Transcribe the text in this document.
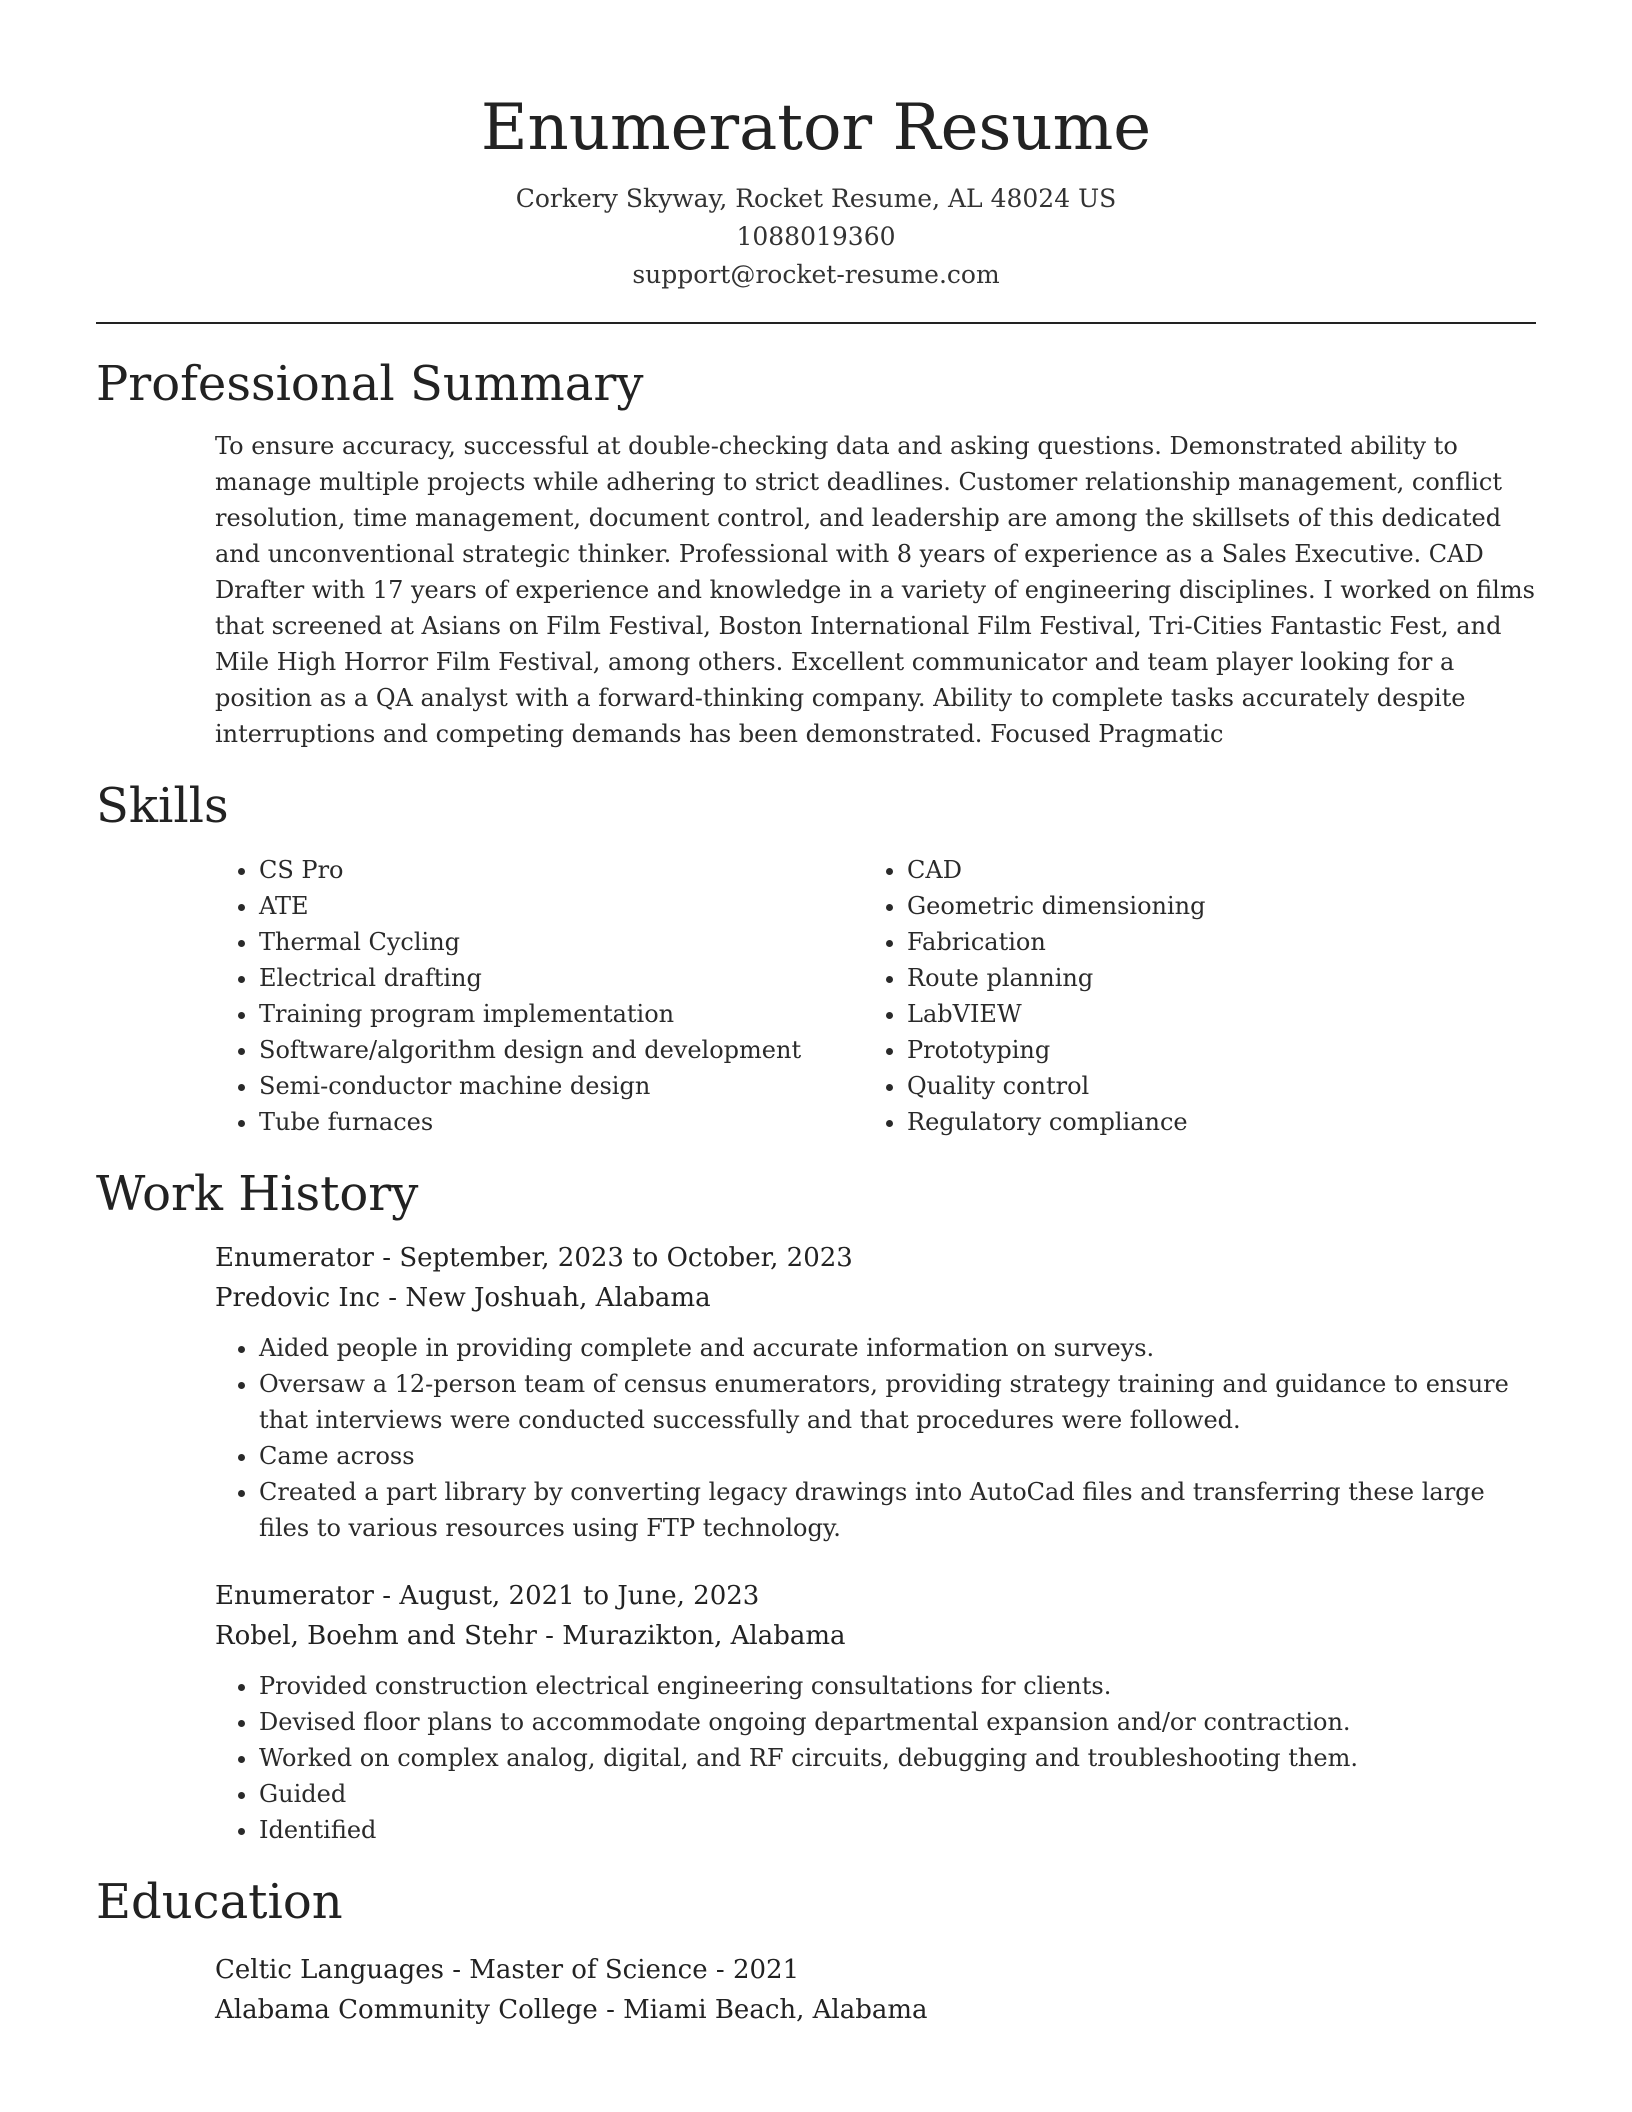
Enumerator Resume
Corkery Skyway, Rocket Resume, AL 48024 US
1088019360
support@rocket-resume.com
Professional Summary

To ensure accuracy, successful at double-checking data and asking questions. Demonstrated ability to manage multiple projects while adhering to strict deadlines. Customer relationship management, conflict resolution, time management, document control, and leadership are among the skillsets of this dedicated and unconventional strategic thinker. Professional with 8 years of experience as a Sales Executive. CAD Drafter with 17 years of experience and knowledge in a variety of engineering disciplines. I worked on films that screened at Asians on Film Festival, Boston International Film Festival, Tri-Cities Fantastic Fest, and Mile High Horror Film Festival, among others. Excellent communicator and team player looking for a position as a QA analyst with a forward-thinking company. Ability to complete tasks accurately despite interruptions and competing demands has been demonstrated. Focused Pragmatic

Skills
• CS Pro
• ATE
• Thermal Cycling
• Electrical drafting
• Training program implementation
• Software/algorithm design and development
• Semi-conductor machine design
• Tube furnaces
• CAD
• Geometric dimensioning
• Fabrication
• Route planning
• LabVIEW
• Prototyping
• Quality control
• Regulatory compliance
Work History
Enumerator - September, 2023 to October, 2023
Predovic Inc - New Joshuah, Alabama
• Aided people in providing complete and accurate information on surveys.
• Oversaw a 12-person team of census enumerators, providing strategy training and guidance to ensure that interviews were conducted successfully and that procedures were followed.
• Came across
• Created a part library by converting legacy drawings into AutoCad files and transferring these large files to various resources using FTP technology.
Enumerator - August, 2021 to June, 2023
Robel, Boehm and Stehr - Murazikton, Alabama
• Provided construction electrical engineering consultations for clients.
• Devised floor plans to accommodate ongoing departmental expansion and/or contraction.
• Worked on complex analog, digital, and RF circuits, debugging and troubleshooting them.
• Guided
• Identified
Education
Celtic Languages - Master of Science - 2021
Alabama Community College - Miami Beach, Alabama
